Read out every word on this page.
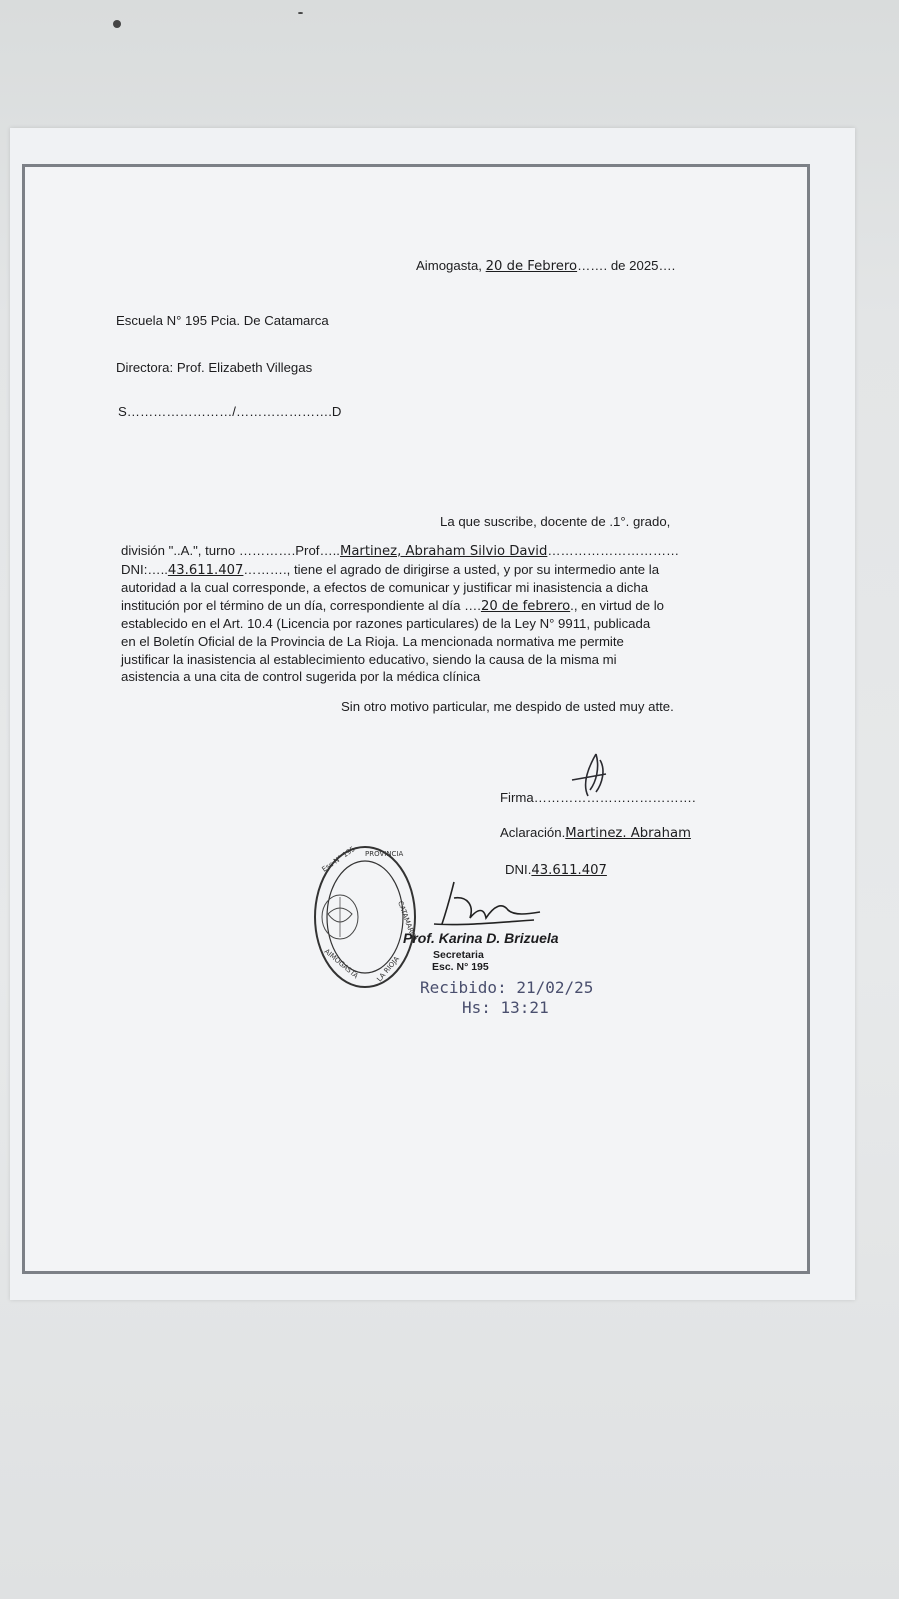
Aimogasta, 20 de Febrero……. de 2025….
Escuela N° 195 Pcia. De Catamarca
Directora: Prof. Elizabeth Villegas
S……………………/………………….D
La que suscribe, docente de .1°. grado,
división "..A.", turno ………….Prof…..Martinez, Abraham Silvio David…………………………
DNI:…..43.611.407………., tiene el agrado de dirigirse a usted, y por su intermedio ante la
autoridad a la cual corresponde, a efectos de comunicar y justificar mi inasistencia a dicha
institución por el término de un día, correspondiente al día ….20 de febrero., en virtud de lo
establecido en el Art. 10.4 (Licencia por razones particulares) de la Ley N° 9911, publicada
en el Boletín Oficial de la Provincia de La Rioja. La mencionada normativa me permite
justificar la inasistencia al establecimiento educativo, siendo la causa de la misma mi
asistencia a una cita de control sugerida por la médica clínica
Sin otro motivo particular, me despido de usted muy atte.
Firma……………………………….
Aclaración.Martinez. Abraham
DNI.43.611.407
Esc N° 195 PROVINCIA
CATAMARCA
AIMOGASTA LA RIOJA
Prof. Karina D. Brizuela
Secretaria
Esc. N° 195
Recibido: 21/02/25
Hs: 13:21
